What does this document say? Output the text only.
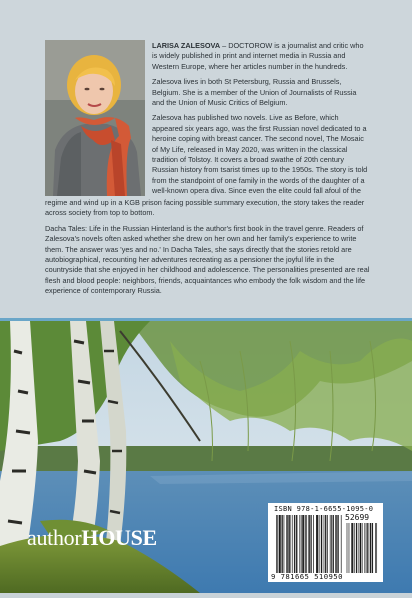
LARISA ZALESOVA – DOCTOROW is a journalist and critic who is widely published in print and internet media in Russia and Western Europe, where her articles number in the hundreds.

Zalesova lives in both St Petersburg, Russia and Brussels, Belgium. She is a member of the Union of Journalists of Russia and the Union of Music Critics of Belgium.

Zalesova has published two novels. Live as Before, which appeared six years ago, was the first Russian novel dedicated to a heroine coping with breast cancer. The second novel, The Mosaic of My Life, released in May 2020, was written in the classical tradition of Tolstoy. It covers a broad swathe of 20th century Russian history from tsarist times up to the 1950s. The story is told from the standpoint of one family in the words of the daughter of a well-known opera diva. Since even the elite could fall afoul of the

regime and wind up in a KGB prison facing possible summary execution, the story takes the reader across society from top to bottom.

Dacha Tales: Life in the Russian Hinterland is the author's first book in the travel genre. Readers of Zalesova's novels often asked whether she drew on her own and her family's experience to write them. The answer was 'yes and no.' In Dacha Tales, she says directly that the stories retold are autobiographical, recounting her adventures recreating as a pensioner the joyful life in the countryside that she enjoyed in her childhood and adolescence. The personalities presented are real flesh and blood people: neighbors, friends, acquaintances who embody the folk wisdom and the life experience of contemporary Russia.

authorHOUSE
ISBN 978-1-6655-1095-0
52699
9 781665 510950
